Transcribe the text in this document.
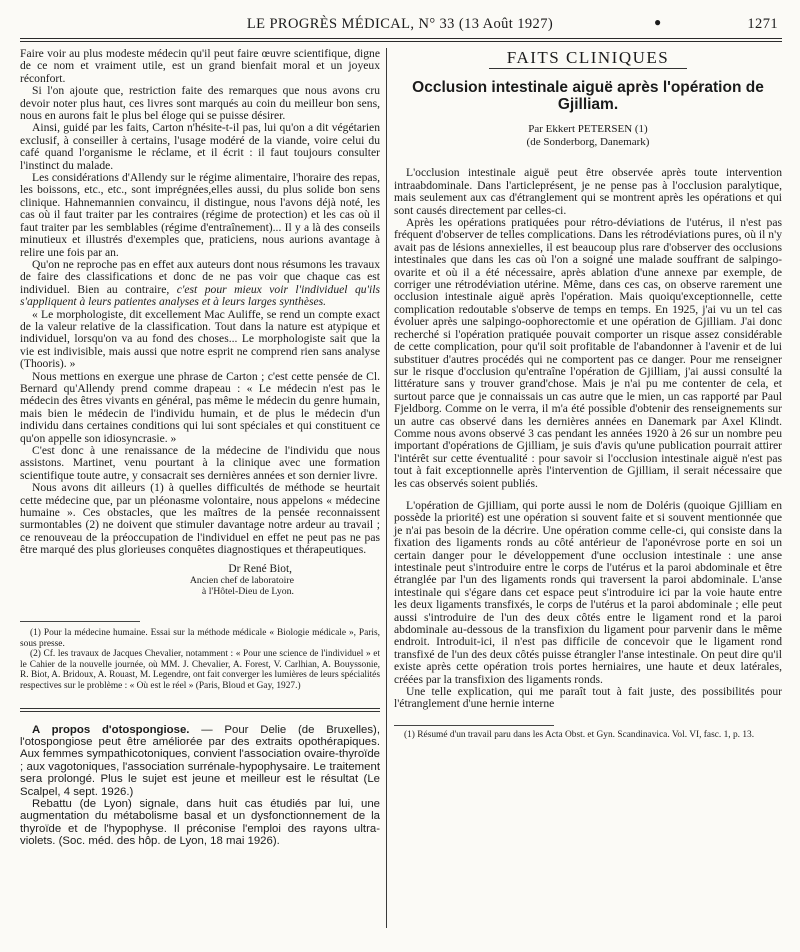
LE PROGRÈS MÉDICAL, N° 33 (13 Août 1927)	●	1271

Faire voir au plus modeste médecin qu'il peut faire œuvre scientifique, digne de ce nom et vraiment utile, est un grand bienfait moral et un joyeux réconfort.

Si l'on ajoute que, restriction faite des remarques que nous avons cru devoir noter plus haut, ces livres sont marqués au coin du meilleur bon sens, nous en aurons fait le plus bel éloge qui se puisse désirer.

Ainsi, guidé par les faits, Carton n'hésite-t-il pas, lui qu'on a dit végétarien exclusif, à conseiller à certains, l'usage modéré de la viande, voire celui du café quand l'organisme le réclame, et il écrit : il faut toujours consulter l'instinct du malade.

Les considérations d'Allendy sur le régime alimentaire, l'horaire des repas, les boissons, etc., etc., sont imprégnées,elles aussi, du plus solide bon sens clinique. Hahnemannien convaincu, il distingue, nous l'avons déjà noté, les cas où il faut traiter par les contraires (régime de protection) et les cas où il faut traiter par les semblables (régime d'entraînement)... Il y a là des conseils minutieux et illustrés d'exemples que, praticiens, nous aurions avantage à relire une fois par an.

Qu'on ne reproche pas en effet aux auteurs dont nous résumons les travaux de faire des classifications et donc de ne pas voir que chaque cas est individuel. Bien au contraire, c'est pour mieux voir l'individuel qu'ils s'appliquent à leurs patientes analyses et à leurs larges synthèses.

« Le morphologiste, dit excellement Mac Auliffe, se rend un compte exact de la valeur relative de la classification. Tout dans la nature est atypique et individuel, lorsqu'on va au fond des choses... Le morphologiste sait que la vie est indivisible, mais aussi que notre esprit ne comprend rien sans analyse (Thooris). »

Nous mettions en exergue une phrase de Carton ; c'est cette pensée de Cl. Bernard qu'Allendy prend comme drapeau : « Le médecin n'est pas le médecin des êtres vivants en général, pas même le médecin du genre humain, mais bien le médecin de l'individu humain, et de plus le médecin d'un individu dans certaines conditions qui lui sont spéciales et qui constituent ce qu'on appelle son idiosyncrasie. »

C'est donc à une renaissance de la médecine de l'individu que nous assistons. Martinet, venu pourtant à la clinique avec une formation scientifique toute autre, y consacrait ses dernières années et son dernier livre.

Nous avons dit ailleurs (1) à quelles difficultés de méthode se heurtait cette médecine que, par un pléonasme volontaire, nous appelons « médecine humaine ». Ces obstacles, que les maîtres de la pensée reconnaissent surmontables (2) ne doivent que stimuler davantage notre ardeur au travail ; ce renouveau de la préoccupation de l'individuel en effet ne peut pas ne pas être marqué des plus glorieuses conquêtes diagnostiques et thérapeutiques.

Dr René Biot,
Ancien chef de laboratoire
à l'Hôtel-Dieu de Lyon.

(1) Pour la médecine humaine. Essai sur la méthode médicale « Biologie médicale », Paris, sous presse.

(2) Cf. les travaux de Jacques Chevalier, notamment : « Pour une science de l'individuel » et le Cahier de la nouvelle journée, où MM. J. Chevalier, A. Forest, V. Carlhian, A. Bouyssonie, R. Biot, A. Bridoux, A. Rouast, M. Legendre, ont fait converger les lumières de leurs spécialités respectives sur le problème : « Où est le réel » (Paris, Bloud et Gay, 1927.)

A propos d'otospongiose. — Pour Delie (de Bruxelles), l'otospongiose peut être améliorée par des extraits opothérapiques. Aux femmes sympathicotoniques, convient l'association ovaire-thyroïde ; aux vagotoniques, l'association surrénale-hypophysaire. Le traitement sera prolongé. Plus le sujet est jeune et meilleur est le résultat (Le Scalpel, 4 sept. 1926.)

Rebattu (de Lyon) signale, dans huit cas étudiés par lui, une augmentation du métabolisme basal et un dysfonctionnement de la thyroïde et de l'hypophyse. Il préconise l'emploi des rayons ultra-violets. (Soc. méd. des hôp. de Lyon, 18 mai 1926).

FAITS CLINIQUES
Occlusion intestinale aiguë après l'opération de Gjilliam.
Par Ekkert PETERSEN (1)
(de Sonderborg, Danemark)

L'occlusion intestinale aiguë peut être observée après toute intervention intraabdominale. Dans l'articleprésent, je ne pense pas à l'occlusion paralytique, mais seulement aux cas d'étranglement qui se montrent après les opérations et qui sont causés directement par celles-ci.

Après les opérations pratiquées pour rétro-déviations de l'utérus, il n'est pas fréquent d'observer de telles complications. Dans les rétrodéviations pures, où il n'y avait pas de lésions annexielles, il est beaucoup plus rare d'observer des occlusions intestinales que dans les cas où l'on a soigné une malade souffrant de salpingo-ovarite et où il a été nécessaire, après ablation d'une annexe par exemple, de corriger une rétrodéviation utérine. Même, dans ces cas, on observe rarement une occlusion intestinale aiguë après l'opération. Mais quoiqu'exceptionnelle, cette complication redoutable s'observe de temps en temps. En 1925, j'ai vu un tel cas évoluer après une salpingo-oophorectomie et une opération de Gjilliam. J'ai donc recherché si l'opération pratiquée pouvait comporter un risque assez considérable de cette complication, pour qu'il soit profitable de l'abandonner à l'avenir et de lui substituer d'autres procédés qui ne comportent pas ce danger. Pour me renseigner sur le risque d'occlusion qu'entraîne l'opération de Gjilliam, j'ai aussi consulté la littérature sans y trouver grand'chose. Mais je n'ai pu me contenter de cela, et surtout parce que je connaissais un cas autre que le mien, un cas rapporté par Paul Fjeldborg. Comme on le verra, il m'a été possible d'obtenir des renseignements sur un autre cas observé dans les dernières années en Danemark par Axel Klindt. Comme nous avons observé 3 cas pendant les années 1920 à 26 sur un nombre peu important d'opérations de Gjilliam, je suis d'avis qu'une publication pourrait attirer l'intérêt sur cette éventualité : pour savoir si l'occlusion intestinale aiguë n'est pas tout à fait exceptionnelle après l'intervention de Gjilliam, il serait nécessaire que les cas observés soient publiés.

L'opération de Gjilliam, qui porte aussi le nom de Doléris (quoique Gjilliam en possède la priorité) est une opération si souvent faite et si souvent mentionnée que je n'ai pas besoin de la décrire. Une opération comme celle-ci, qui consiste dans la fixation des ligaments ronds au côté antérieur de l'aponévrose porte en soi un certain danger pour le développement d'une occlusion intestinale : une anse intestinale peut s'introduire entre le corps de l'utérus et la paroi abdominale et être étranglée par l'un des ligaments ronds qui traversent la paroi abdominale. L'anse intestinale qui s'égare dans cet espace peut s'introduire ici par la voie haute entre les deux ligaments transfixés, le corps de l'utérus et la paroi abdominale ; elle peut aussi s'introduire de l'un des deux côtés entre le ligament rond et la paroi abdominale au-dessous de la transfixion du ligament pour parvenir dans le même endroit. Introduit-ici, il n'est pas difficile de concevoir que le ligament rond transfixé de l'un des deux côtés puisse étrangler l'anse intestinale. On peut dire qu'il existe après cette opération trois portes herniaires, une haute et deux latérales, créées par la transfixion des ligaments ronds.

Une telle explication, qui me paraît tout à fait juste, des possibilités pour l'étranglement d'une hernie interne

(1) Résumé d'un travail paru dans les Acta Obst. et Gyn. Scandinavica. Vol. VI, fasc. 1, p. 13.
